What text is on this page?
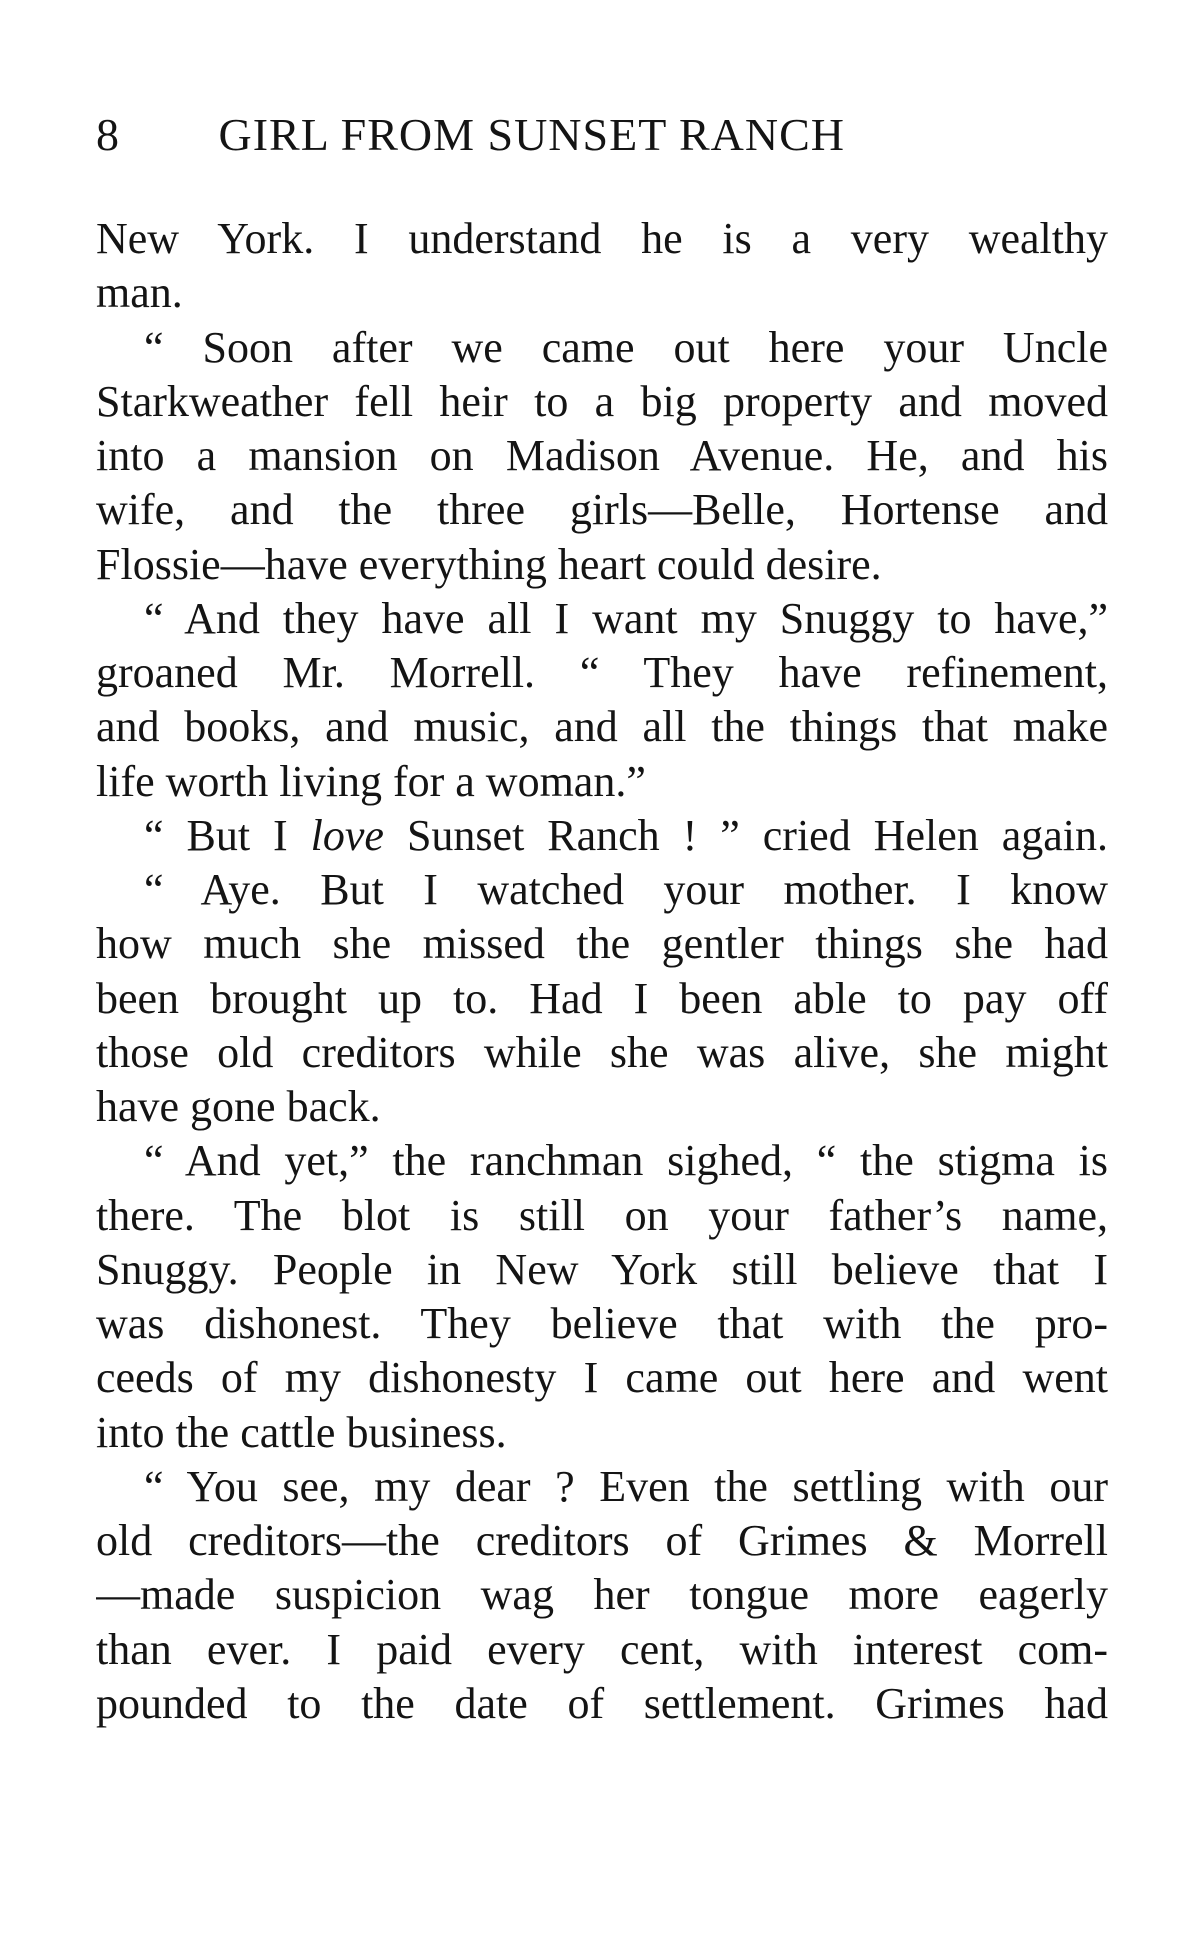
8 GIRL FROM SUNSET RANCH
New York. I understand he is a very wealthy
man.
“ Soon after we came out here your Uncle
Starkweather fell heir to a big property and moved
into a mansion on Madison Avenue. He, and his
wife, and the three girls—Belle, Hortense and
Flossie—have everything heart could desire.
“ And they have all I want my Snuggy to have,”
groaned Mr. Morrell. “ They have refinement,
and books, and music, and all the things that make
life worth living for a woman.”
“ But I love Sunset Ranch ! ” cried Helen again.
“ Aye. But I watched your mother. I know
how much she missed the gentler things she had
been brought up to. Had I been able to pay off
those old creditors while she was alive, she might
have gone back.
“ And yet,” the ranchman sighed, “ the stigma is
there. The blot is still on your father’s name,
Snuggy. People in New York still believe that I
was dishonest. They believe that with the pro-
ceeds of my dishonesty I came out here and went
into the cattle business.
“ You see, my dear ? Even the settling with our
old creditors—the creditors of Grimes & Morrell
—made suspicion wag her tongue more eagerly
than ever. I paid every cent, with interest com-
pounded to the date of settlement. Grimes had
